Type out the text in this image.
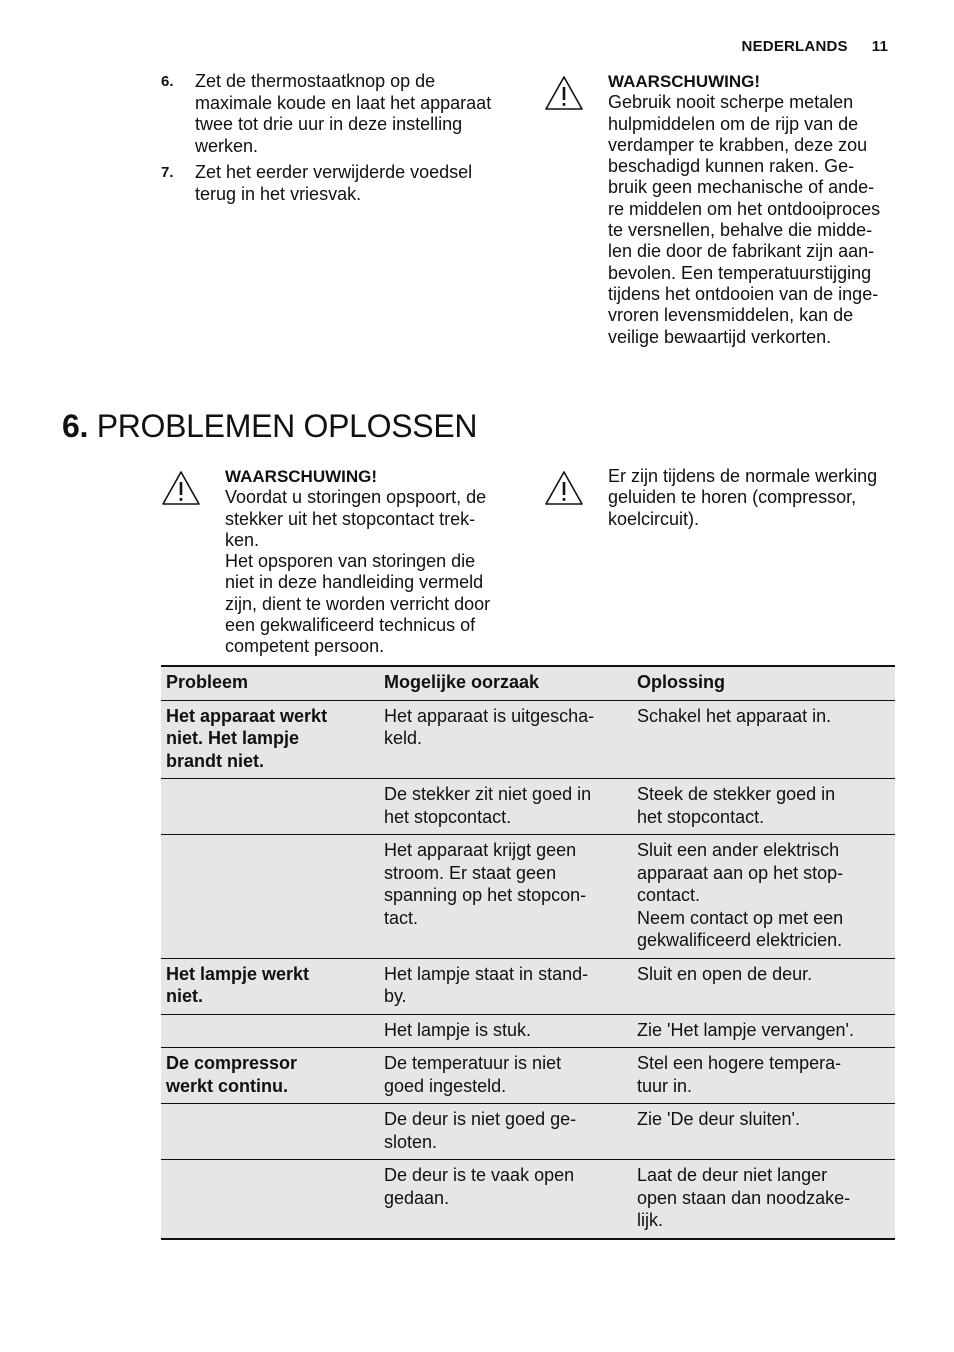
NEDERLANDS 11
6.	Zet de thermostaatknop op de maximale koude en laat het apparaat twee tot drie uur in deze instelling werken.
7.	Zet het eerder verwijderde voedsel terug in het vriesvak.
WAARSCHUWING!

Gebruik nooit scherpe metalen
hulpmiddelen om de rijp van de
verdamper te krabben, deze zou
beschadigd kunnen raken. Ge-
bruik geen mechanische of ande-
re middelen om het ontdooiproces
te versnellen, behalve die midde-
len die door de fabrikant zijn aan-
bevolen. Een temperatuurstijging
tijdens het ontdooien van de inge-
vroren levensmiddelen, kan de
veilige bewaartijd verkorten.

6. PROBLEMEN OPLOSSEN
WAARSCHUWING!

Voordat u storingen opspoort, de
stekker uit het stopcontact trek-
ken.
Het opsporen van storingen die
niet in deze handleiding vermeld
zijn, dient te worden verricht door
een gekwalificeerd technicus of
competent persoon.

Er zijn tijdens de normale werking
geluiden te horen (compressor,
koelcircuit).

Probleem	Mogelijke oorzaak	Oplossing
Het apparaat werkt
niet. Het lampje
brandt niet.	Het apparaat is uitgescha-
keld.	Schakel het apparaat in.
	De stekker zit niet goed in
het stopcontact.	Steek de stekker goed in
het stopcontact.
	Het apparaat krijgt geen
stroom. Er staat geen
spanning op het stopcon-
tact.	Sluit een ander elektrisch
apparaat aan op het stop-
contact.
Neem contact op met een
gekwalificeerd elektricien.
Het lampje werkt
niet.	Het lampje staat in stand-
by.	Sluit en open de deur.
	Het lampje is stuk.	Zie 'Het lampje vervangen'.
De compressor
werkt continu.	De temperatuur is niet
goed ingesteld.	Stel een hogere tempera-
tuur in.
	De deur is niet goed ge-
sloten.	Zie 'De deur sluiten'.
	De deur is te vaak open
gedaan.	Laat de deur niet langer
open staan dan noodzake-
lijk.
